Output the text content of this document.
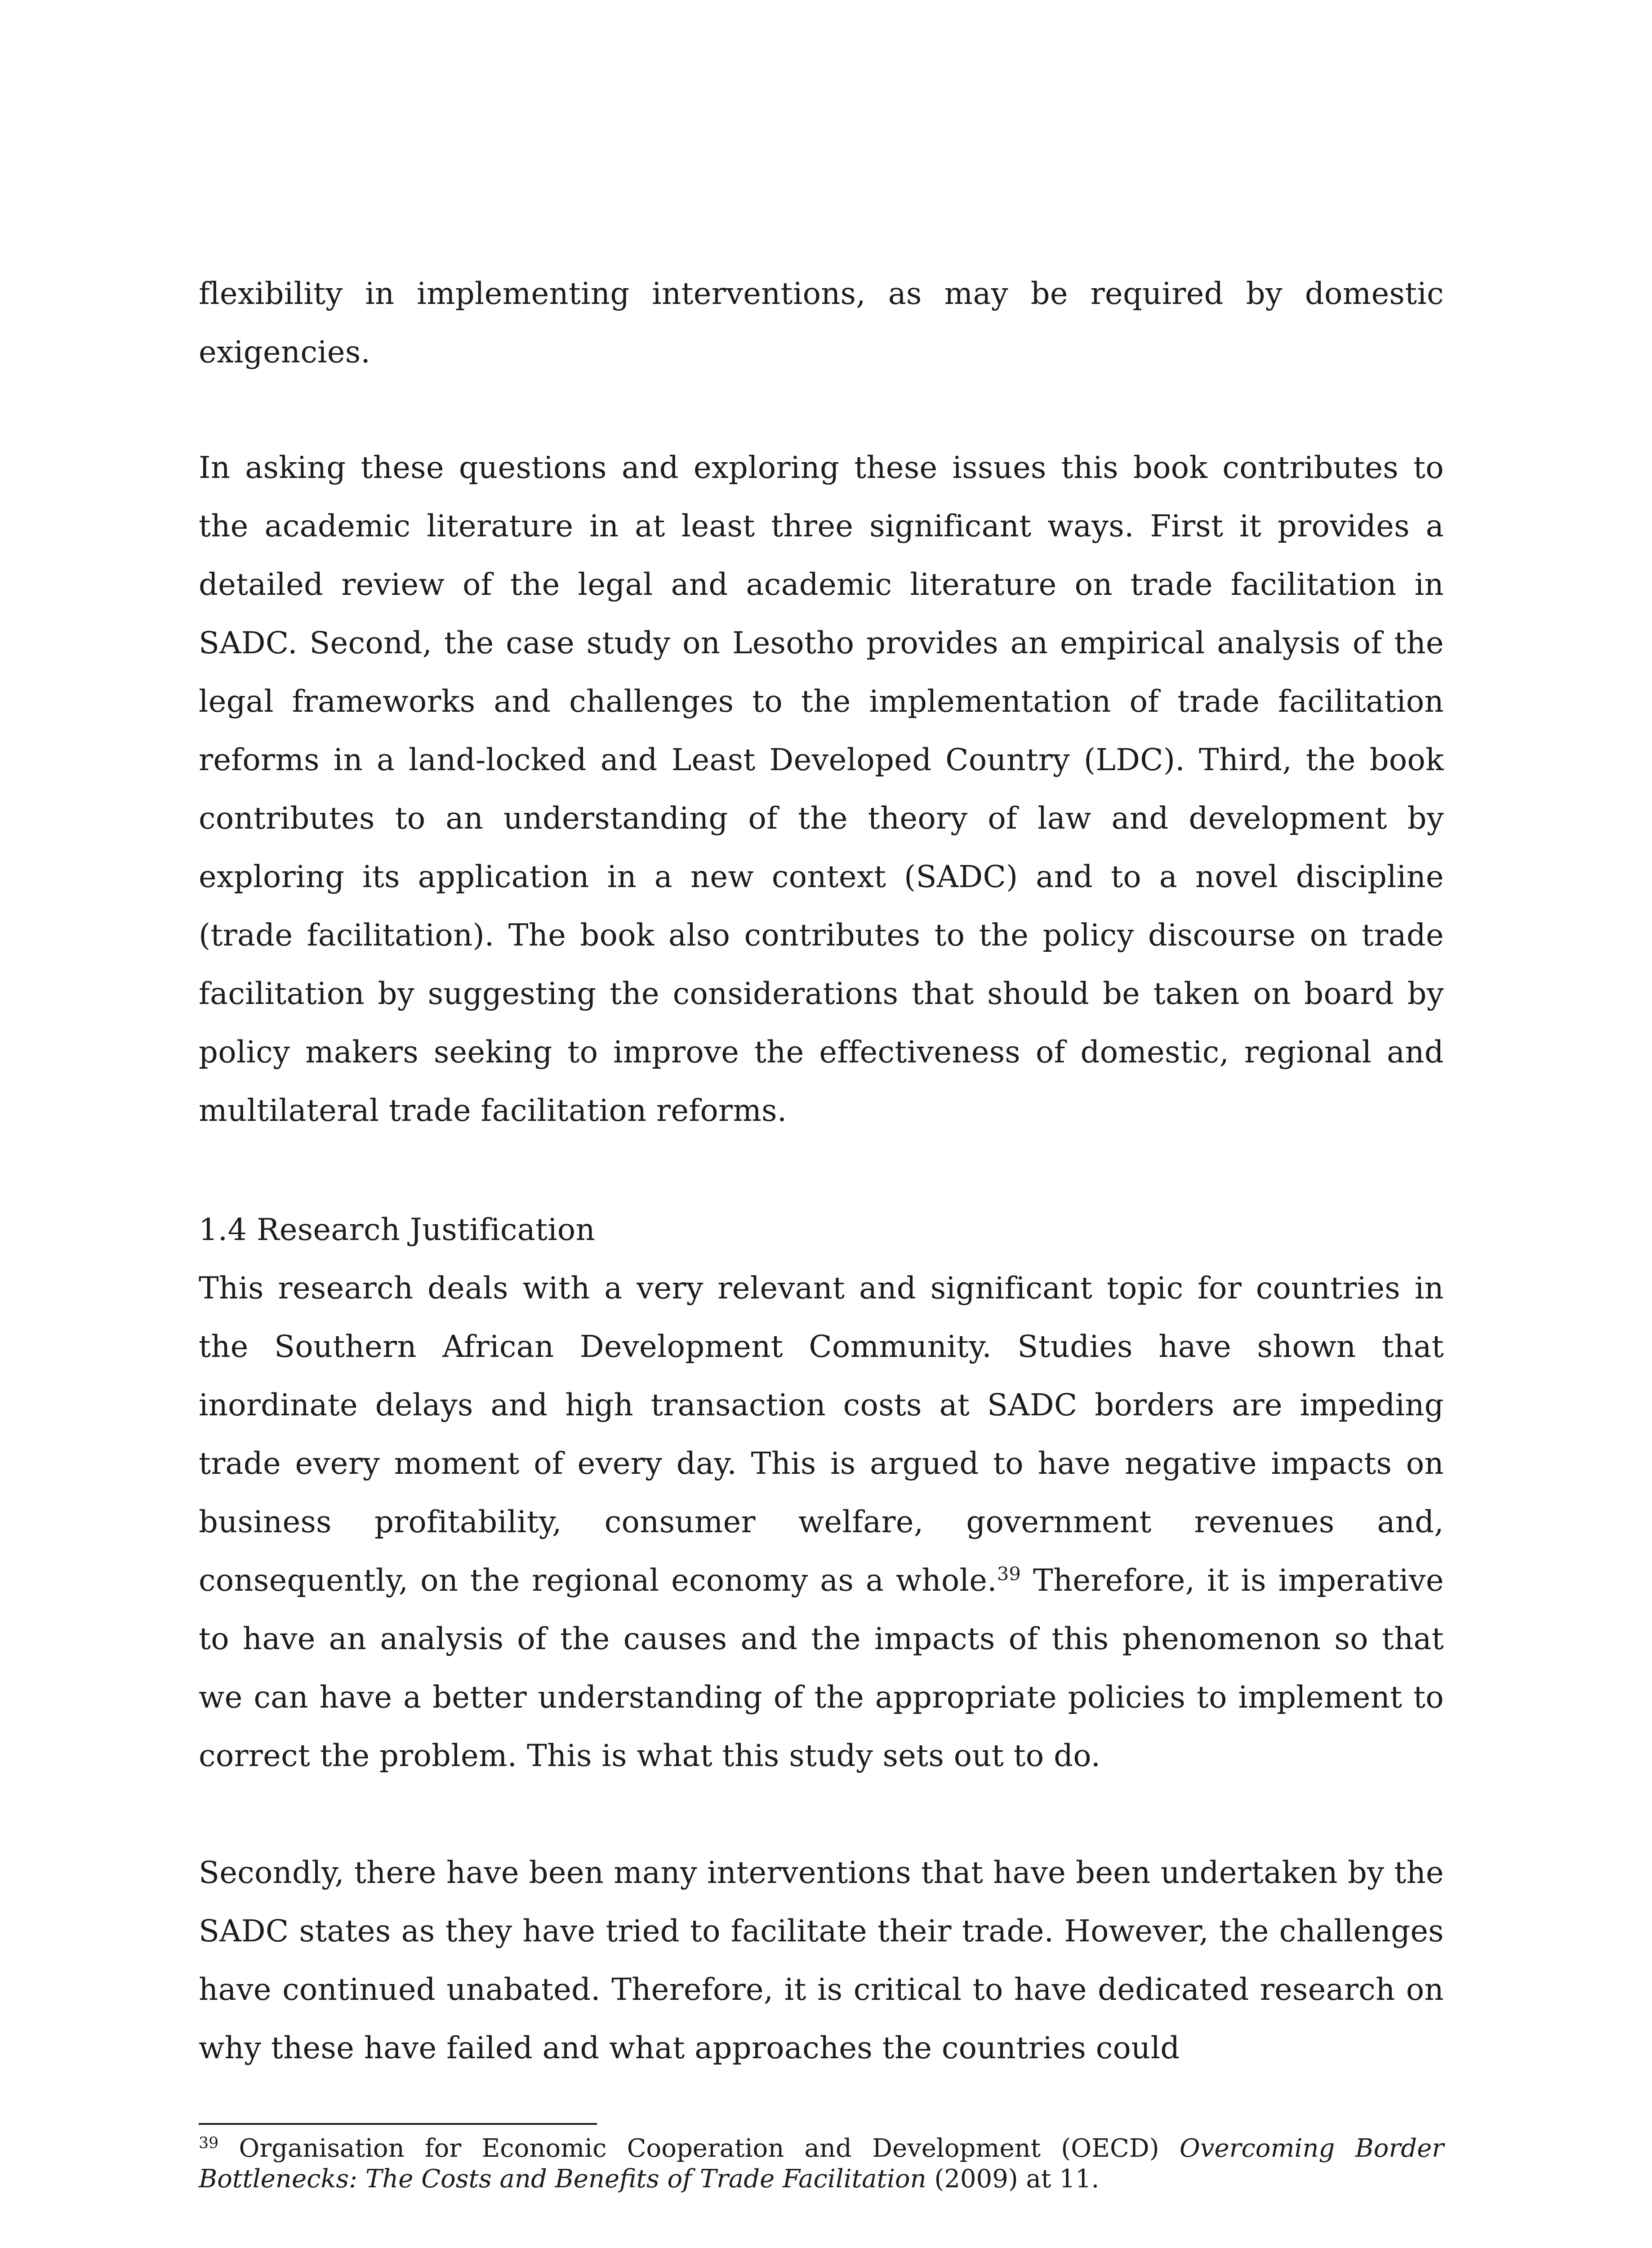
flexibility in implementing interventions, as may be required by domestic exigencies.

In asking these questions and exploring these issues this book contributes to the academic literature in at least three significant ways. First it provides a detailed review of the legal and academic literature on trade facilitation in SADC. Second, the case study on Lesotho provides an empirical analysis of the legal frameworks and challenges to the implementation of trade facilitation reforms in a land-locked and Least Developed Country (LDC). Third, the book contributes to an understanding of the theory of law and development by exploring its application in a new context (SADC) and to a novel discipline (trade facilitation). The book also contributes to the policy discourse on trade facilitation by suggesting the considerations that should be taken on board by policy makers seeking to improve the effectiveness of domestic, regional and multilateral trade facilitation reforms.

1.4 Research Justification

This research deals with a very relevant and significant topic for countries in the Southern African Development Community. Studies have shown that inordinate delays and high transaction costs at SADC borders are impeding trade every moment of every day. This is argued to have negative impacts on business profitability, consumer welfare, government revenues and, consequently, on the regional economy as a whole.$^{39}$ Therefore, it is imperative to have an analysis of the causes and the impacts of this phenomenon so that we can have a better understanding of the appropriate policies to implement to correct the problem. This is what this study sets out to do.

Secondly, there have been many interventions that have been undertaken by the SADC states as they have tried to facilitate their trade. However, the challenges have continued unabated. Therefore, it is critical to have dedicated research on why these have failed and what approaches the countries could

$^{39}$ Organisation for Economic Cooperation and Development (OECD) Overcoming Border Bottlenecks: The Costs and Benefits of Trade Facilitation (2009) at 11.
